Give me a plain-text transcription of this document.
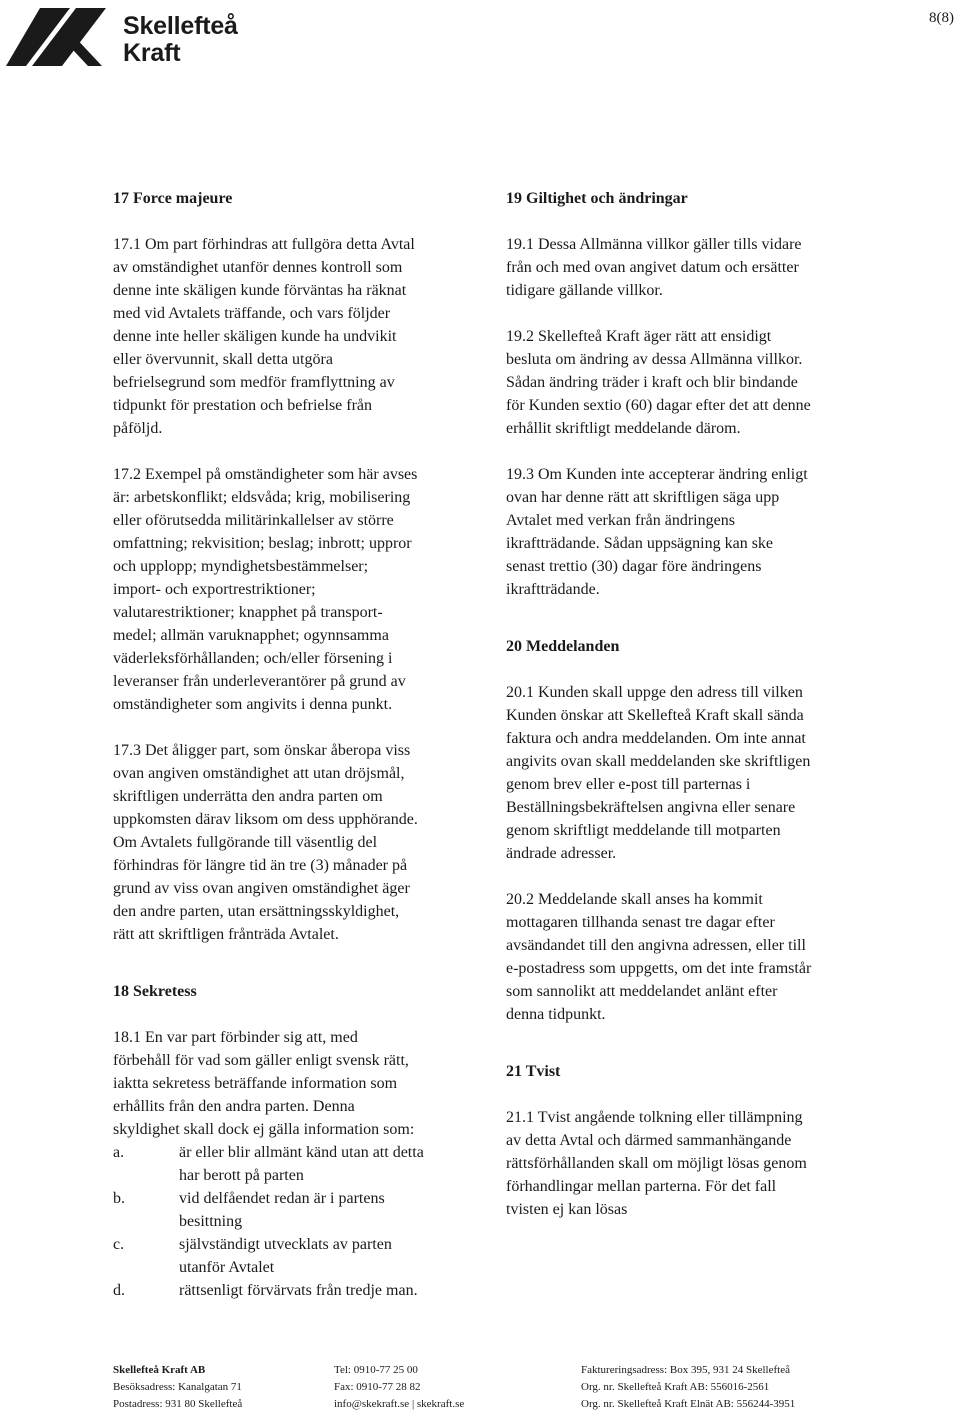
Skellefteå
Kraft
8(8)
17 Force majeure

17.1 Om part förhindras att fullgöra detta Avtal
av omständighet utanför dennes kontroll som
denne inte skäligen kunde förväntas ha räknat
med vid Avtalets träffande, och vars följder
denne inte heller skäligen kunde ha undvikit
eller övervunnit, skall detta utgöra
befrielsegrund som medför framflyttning av
tidpunkt för prestation och befrielse från
påföljd.

17.2 Exempel på omständigheter som här avses
är: arbetskonflikt; eldsvåda; krig, mobilisering
eller oförutsedda militärinkallelser av större
omfattning; rekvisition; beslag; inbrott; uppror
och upplopp; myndighetsbestämmelser;
import- och exportrestriktioner;
valutarestriktioner; knapphet på transport-
medel; allmän varuknapphet; ogynnsamma
väderleksförhållanden; och/eller försening i
leveranser från underleverantörer på grund av
omständigheter som angivits i denna punkt.

17.3 Det åligger part, som önskar åberopa viss
ovan angiven omständighet att utan dröjsmål,
skriftligen underrätta den andra parten om
uppkomsten därav liksom om dess upphörande.
Om Avtalets fullgörande till väsentlig del
förhindras för längre tid än tre (3) månader på
grund av viss ovan angiven omständighet äger
den andre parten, utan ersättningsskyldighet,
rätt att skriftligen frånträda Avtalet.

18 Sekretess

18.1 En var part förbinder sig att, med
förbehåll för vad som gäller enligt svensk rätt,
iaktta sekretess beträffande information som
erhållits från den andra parten. Denna
skyldighet skall dock ej gälla information som:

a.	är eller blir allmänt känd utan att detta
har berott på parten
b.	vid delfåendet redan är i partens
besittning
c.	självständigt utvecklats av parten
utanför Avtalet
d.	rättsenligt förvärvats från tredje man.
19 Giltighet och ändringar

19.1 Dessa Allmänna villkor gäller tills vidare
från och med ovan angivet datum och ersätter
tidigare gällande villkor.

19.2 Skellefteå Kraft äger rätt att ensidigt
besluta om ändring av dessa Allmänna villkor.
Sådan ändring träder i kraft och blir bindande
för Kunden sextio (60) dagar efter det att denne
erhållit skriftligt meddelande därom.

19.3 Om Kunden inte accepterar ändring enligt
ovan har denne rätt att skriftligen säga upp
Avtalet med verkan från ändringens
ikraftträdande. Sådan uppsägning kan ske
senast trettio (30) dagar före ändringens
ikraftträdande.

20 Meddelanden

20.1 Kunden skall uppge den adress till vilken
Kunden önskar att Skellefteå Kraft skall sända
faktura och andra meddelanden. Om inte annat
angivits ovan skall meddelanden ske skriftligen
genom brev eller e-post till parternas i
Beställningsbekräftelsen angivna eller senare
genom skriftligt meddelande till motparten
ändrade adresser.

20.2 Meddelande skall anses ha kommit
mottagaren tillhanda senast tre dagar efter
avsändandet till den angivna adressen, eller till
e-postadress som uppgetts, om det inte framstår
som sannolikt att meddelandet anlänt efter
denna tidpunkt.

21 Tvist

21.1 Tvist angående tolkning eller tillämpning
av detta Avtal och därmed sammanhängande
rättsförhållanden skall om möjligt lösas genom
förhandlingar mellan parterna. För det fall
tvisten ej kan lösas

Skellefteå Kraft AB
Besöksadress: Kanalgatan 71
Postadress: 931 80 Skellefteå
Tel: 0910-77 25 00
Fax: 0910-77 28 82
info@skekraft.se | skekraft.se
Faktureringsadress: Box 395, 931 24 Skellefteå
Org. nr. Skellefteå Kraft AB: 556016-2561
Org. nr. Skellefteå Kraft Elnät AB: 556244-3951
